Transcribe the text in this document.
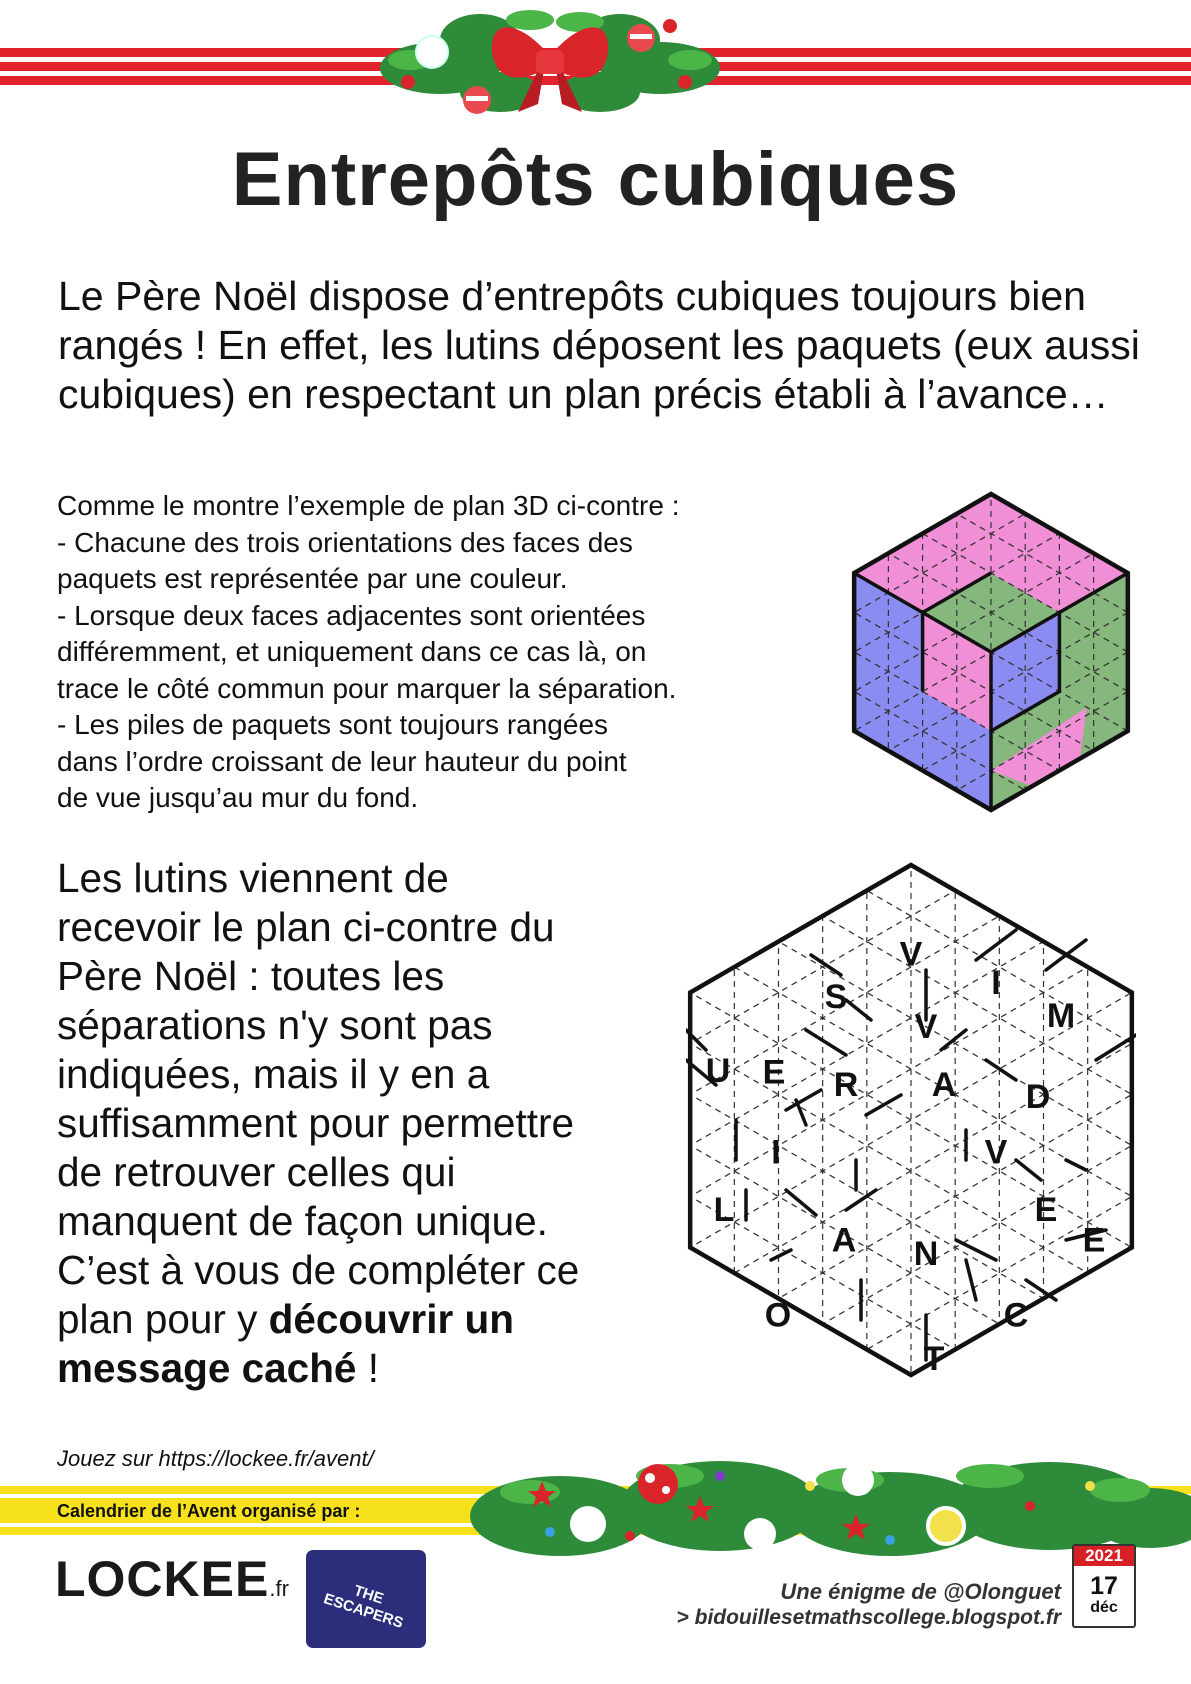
Entrepôts cubiques

Le Père Noël dispose d’entrepôts cubiques toujours bien rangés ! En effet, les lutins déposent les paquets (eux aussi cubiques) en respectant un plan précis établi à l’avance…

Comme le montre l’exemple de plan 3D ci-contre :
- Chacune des trois orientations des faces des
paquets est représentée par une couleur.
- Lorsque deux faces adjacentes sont orientées
différemment, et uniquement dans ce cas là, on
trace le côté commun pour marquer la séparation.
- Les piles de paquets sont toujours rangées
dans l’ordre croissant de leur hauteur du point
de vue jusqu’au mur du fond.
Les lutins viennent de
recevoir le plan ci-contre du
Père Noël : toutes les
séparations n'y sont pas
indiquées, mais il y en a
suffisamment pour permettre
de retrouver celles qui
manquent de façon unique.
C’est à vous de compléter ce
plan pour y découvrir un
message caché !
V
S	I
M
V
U E R A D
I	V
L	E
E
A N
O	C
T
Jouez sur https://lockee.fr/avent/
Calendrier de l’Avent organisé par :
LOCKEE.fr	THE ESCAPERS	Une énigme de @Olonguet
> bidouillesetmathscollege.blogspot.fr
2021
17
déc
